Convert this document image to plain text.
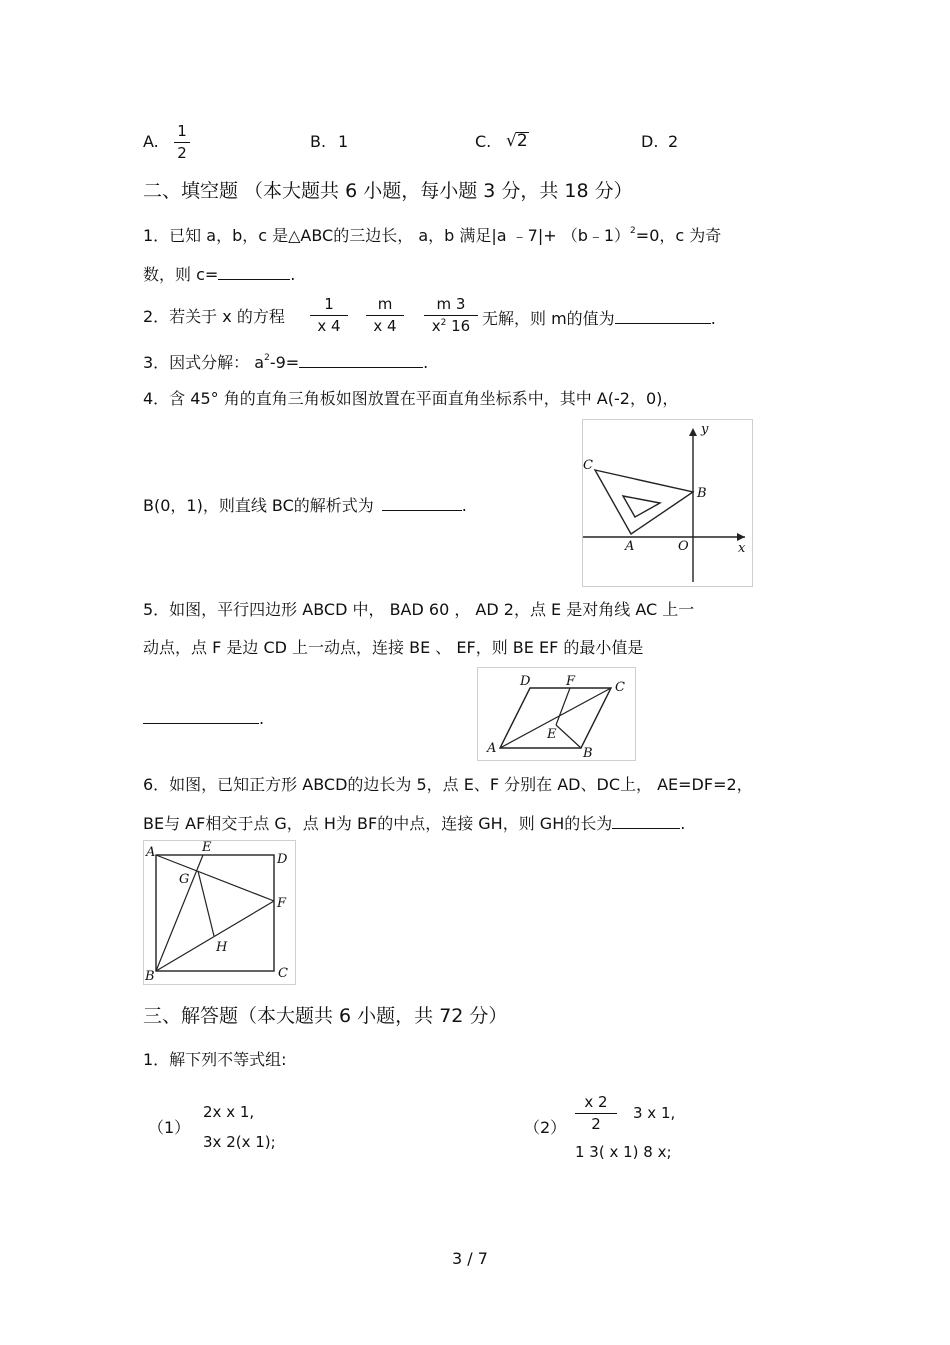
A.
1
2
B. 1	C. √2	D. 2
二、填空题 （本大题共 6 小题，每小题 3 分，共 18 分）
1．已知 a，b，c 是△ABC的三边长， a，b 满足|a ﹣7|+ （b﹣1）$^2$=0，c 为奇
数，则 c=	.
2．若关于 x 的方程
1
x 4
m
x 4
m 3
$x^2$ 16 无解，则 m的值为	.
3．因式分解： $a^2-9=$	.
4．含 45° 角的直角三角板如图放置在平面直角坐标系中，其中 A(-2，0)，
B(0，1)，则直线 BC的解析式为	.
y
x
C
B
A	O
5．如图，平行四边形 ABCD 中， BAD 60 ， AD 2，点 E 是对角线 AC 上一
动点，点 F 是边 CD 上一动点，连接 BE 、 EF，则 BE EF 的最小值是
.
D	F	C
E
A	B
6．如图，已知正方形 ABCD的边长为 5，点 E、F 分别在 AD、DC上， AE=DF=2，
BE与 AF相交于点 G，点 H为 BF的中点，连接 GH，则 GH的长为	.
A	E
D
G
F
H
B	C
三、解答题（本大题共 6 小题，共 72 分）
1．解下列不等式组:
（1）
2x x 1,
3x 2(x 1);
（2）
x 2
2
3 x 1,
1 3( x 1) 8 x;
3 / 7
